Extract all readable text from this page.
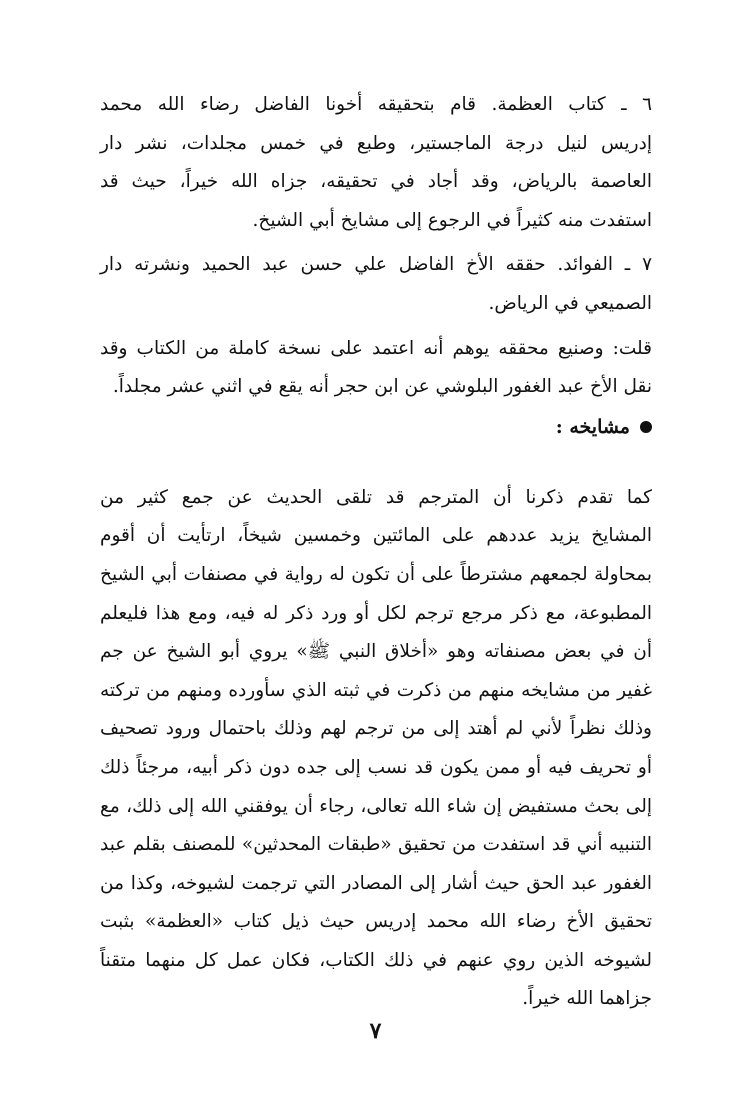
٦ ـ كتاب العظمة. قام بتحقيقه أخونا الفاضل رضاء الله محمد
إدريس لنيل درجة الماجستير، وطبع في خمس مجلدات، نشر دار
العاصمة بالرياض، وقد أجاد في تحقيقه، جزاه الله خيراً، حيث قد
استفدت منه كثيراً في الرجوع إلى مشايخ أبي الشيخ.
٧ ـ الفوائد. حققه الأخ الفاضل علي حسن عبد الحميد ونشرته دار
الصميعي في الرياض.
قلت: وصنيع محققه يوهم أنه اعتمد على نسخة كاملة من الكتاب وقد
نقل الأخ عبد الغفور البلوشي عن ابن حجر أنه يقع في اثني عشر مجلداً.
مشايخه :
كما تقدم ذكرنا أن المترجم قد تلقى الحديث عن جمع كثير من
المشايخ يزيد عددهم على المائتين وخمسين شيخاً، ارتأيت أن أقوم
بمحاولة لجمعهم مشترطاً على أن تكون له رواية في مصنفات أبي الشيخ
المطبوعة، مع ذكر مرجع ترجم لكل أو ورد ذكر له فيه، ومع هذا فليعلم
أن في بعض مصنفاته وهو «أخلاق النبي ﷺ» يروي أبو الشيخ عن جم
غفير من مشايخه منهم من ذكرت في ثبته الذي سأورده ومنهم من تركته
وذلك نظراً لأني لم أهتد إلى من ترجم لهم وذلك باحتمال ورود تصحيف
أو تحريف فيه أو ممن يكون قد نسب إلى جده دون ذكر أبيه، مرجئاً ذلك
إلى بحث مستفيض إن شاء الله تعالى، رجاء أن يوفقني الله إلى ذلك، مع
التنبيه أني قد استفدت من تحقيق «طبقات المحدثين» للمصنف بقلم عبد
الغفور عبد الحق حيث أشار إلى المصادر التي ترجمت لشيوخه، وكذا من
تحقيق الأخ رضاء الله محمد إدريس حيث ذيل كتاب «العظمة» بثبت
لشيوخه الذين روي عنهم في ذلك الكتاب، فكان عمل كل منهما متقناً
جزاهما الله خيراً.
٧
